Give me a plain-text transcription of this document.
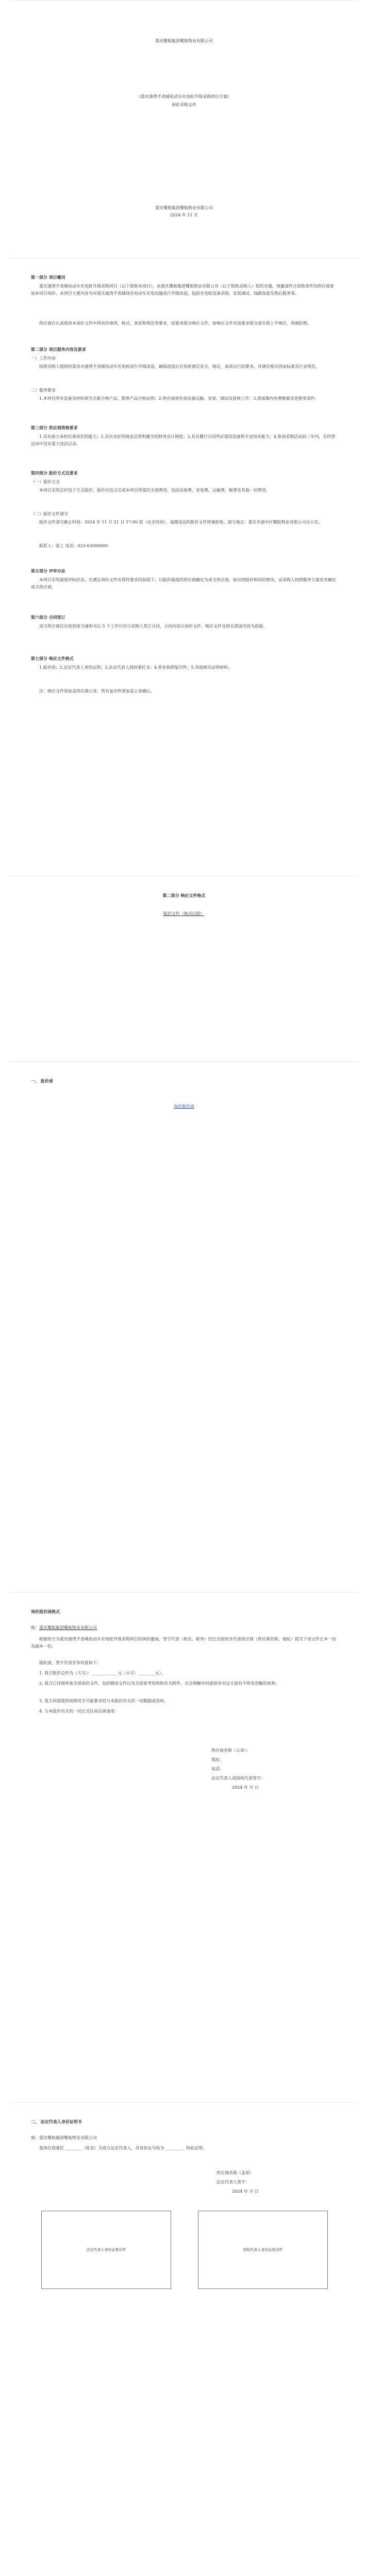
重庆鹭航集团鹭航物业有限公司
《重庆港湾手表城电动车充电桩升级采购项目方案》
询价采购文件
重庆鹭航集团鹭航物业有限公司
2024 年 11 月
第一部分 项目概况
重庆港湾手表城电动车充电桩升级采购项目（以下简称本项目），由重庆鹭航集团鹭航物业有限公司（以下简称采购人）组织实施，现邀请符合资格条件的供应商参加本项目询价。本项目主要内容为对重庆港湾手表城现有电动车充电设施进行升级改造，包括充电桩设备采购、安装调试、线路改造及售后服务等。
供应商应认真阅读本询价文件中所有的事项、格式、条款和规范等要求，按要求提交响应文件，如响应文件未按要求提交或实质上不响应，将被拒绝。
第二部分 项目服务内容及要求
一）工作内容
按照采购人提供的需求对港湾手表城电动车充电桩进行升级改造，确保改造后充电桩满足安全、稳定、高效运行的要求，并满足相关国家标准及行业规范。
二）服务要求
1.本项目所有设备及材料须为全新合格产品，提供产品合格证明；2.供应商须负责设备运输、安装、调试及验收工作；3.质保期内免费维修及更换零部件。
第三部分 供应商资格要求
1.具有独立承担民事责任的能力；2.具有良好的商业信誉和健全的财务会计制度；3.具有履行合同所必需的设备和专业技术能力；4.参加采购活动前三年内，在经营活动中没有重大违法记录。
第四部分 报价方式及要求
（一）报价方式
本项目采用总价包干方式报价，报价应包含完成本项目所需的全部费用，包括设备费、安装费、运输费、税费及其他一切费用。
（二）报价文件递交
报价文件递交截止时间：2024 年 11 月 21 日 17:00 前（北京时间），逾期送达的报价文件将被拒收。递交地点：重庆市渝中区鹭航物业有限公司办公室。
联系人：张工 电话：023-63000000
第五部分 评审办法
本项目采用最低评标价法，在满足询价文件实质性要求的前提下，以报价最低的供应商确定为成交供应商。如出现报价相同的情况，由采购人按照服务方案优劣确定成交供应商。
第六部分 合同签订
成交供应商应在收到成交通知书后 5 个工作日内与采购人签订合同，合同内容以询价文件、响应文件及相关澄清内容为依据。
第七部分 响应文件格式
1.报价函；2.法定代表人身份证明；3.法定代表人授权委托书；4.营业执照复印件；5.其他相关证明材料。
注：响应文件须加盖供应商公章，所有复印件须加盖公章确认。
第二部分 响应文件格式
报价文件（格式后附）
一、 报价函
询价报价函
询价报价函格式
致：重庆鹭航集团鹭航物业有限公司
根据贵方为重庆港湾手表城电动车充电桩升级采购项目的询价邀请，签字代表（姓名、职务）经正式授权并代表供应商（供应商名称、地址）提交下述文件正本一份及副本一份。
据此函，签字代表宣布同意如下：
1. 我方报价总价为（大写）：____________ 元（小写：________元）。
2. 我方已详细审查全部询价文件，包括修改文件以及全部参考资料和有关附件，完全理解并同意放弃对这方面有不明及误解的权利。
3. 我方同意提供按照贵方可能要求的与本报价有关的一切数据或资料。
4. 与本报价有关的一切正式往来信函请寄：
供应商名称（公章）：
地址：
电话：
法定代表人或授权代表签字：
2024 年 月 日
二、 法定代表人身份证明书
致：重庆鹭航集团鹭航物业有限公司
我单位现委托 ________（姓名）为我方法定代表人，其身份证号码为 ________，特此证明。
供应商名称（盖章）
法定代表人签字：
2024 年 月 日
法定代表人身份证复印件	授权代表人身份证复印件
